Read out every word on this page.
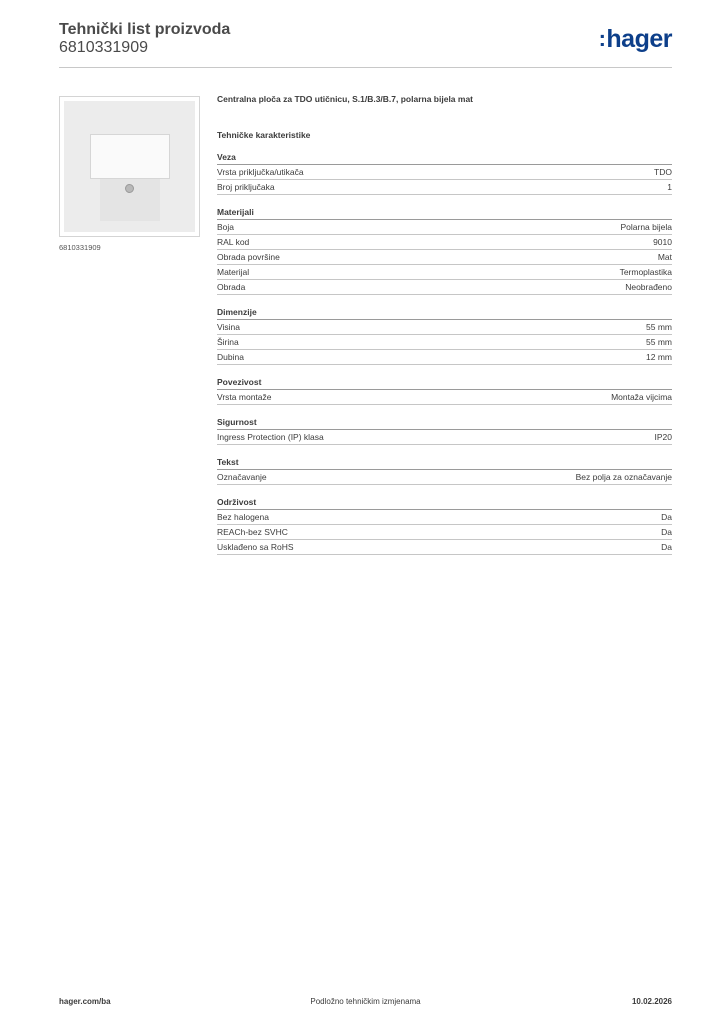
Tehnički list proizvoda
6810331909	:hager
6810331909

Centralna ploča za TDO utičnicu, S.1/B.3/B.7, polarna bijela mat

Tehničke karakteristike

Veza
Vrsta priključka/utikača	TDO
Broj priključaka	1
Materijali
Boja	Polarna bijela
RAL kod	9010
Obrada površine	Mat
Materijal	Termoplastika
Obrada	Neobrađeno
Dimenzije
Visina	55 mm
Širina	55 mm
Dubina	12 mm
Povezivost
Vrsta montaže	Montaža vijcima
Sigurnost
Ingress Protection (IP) klasa	IP20
Tekst
Označavanje	Bez polja za označavanje
Održivost
Bez halogena	Da
REACh-bez SVHC	Da
Usklađeno sa RoHS	Da
hager.com/ba	Podložno tehničkim izmjenama	10.02.2026
